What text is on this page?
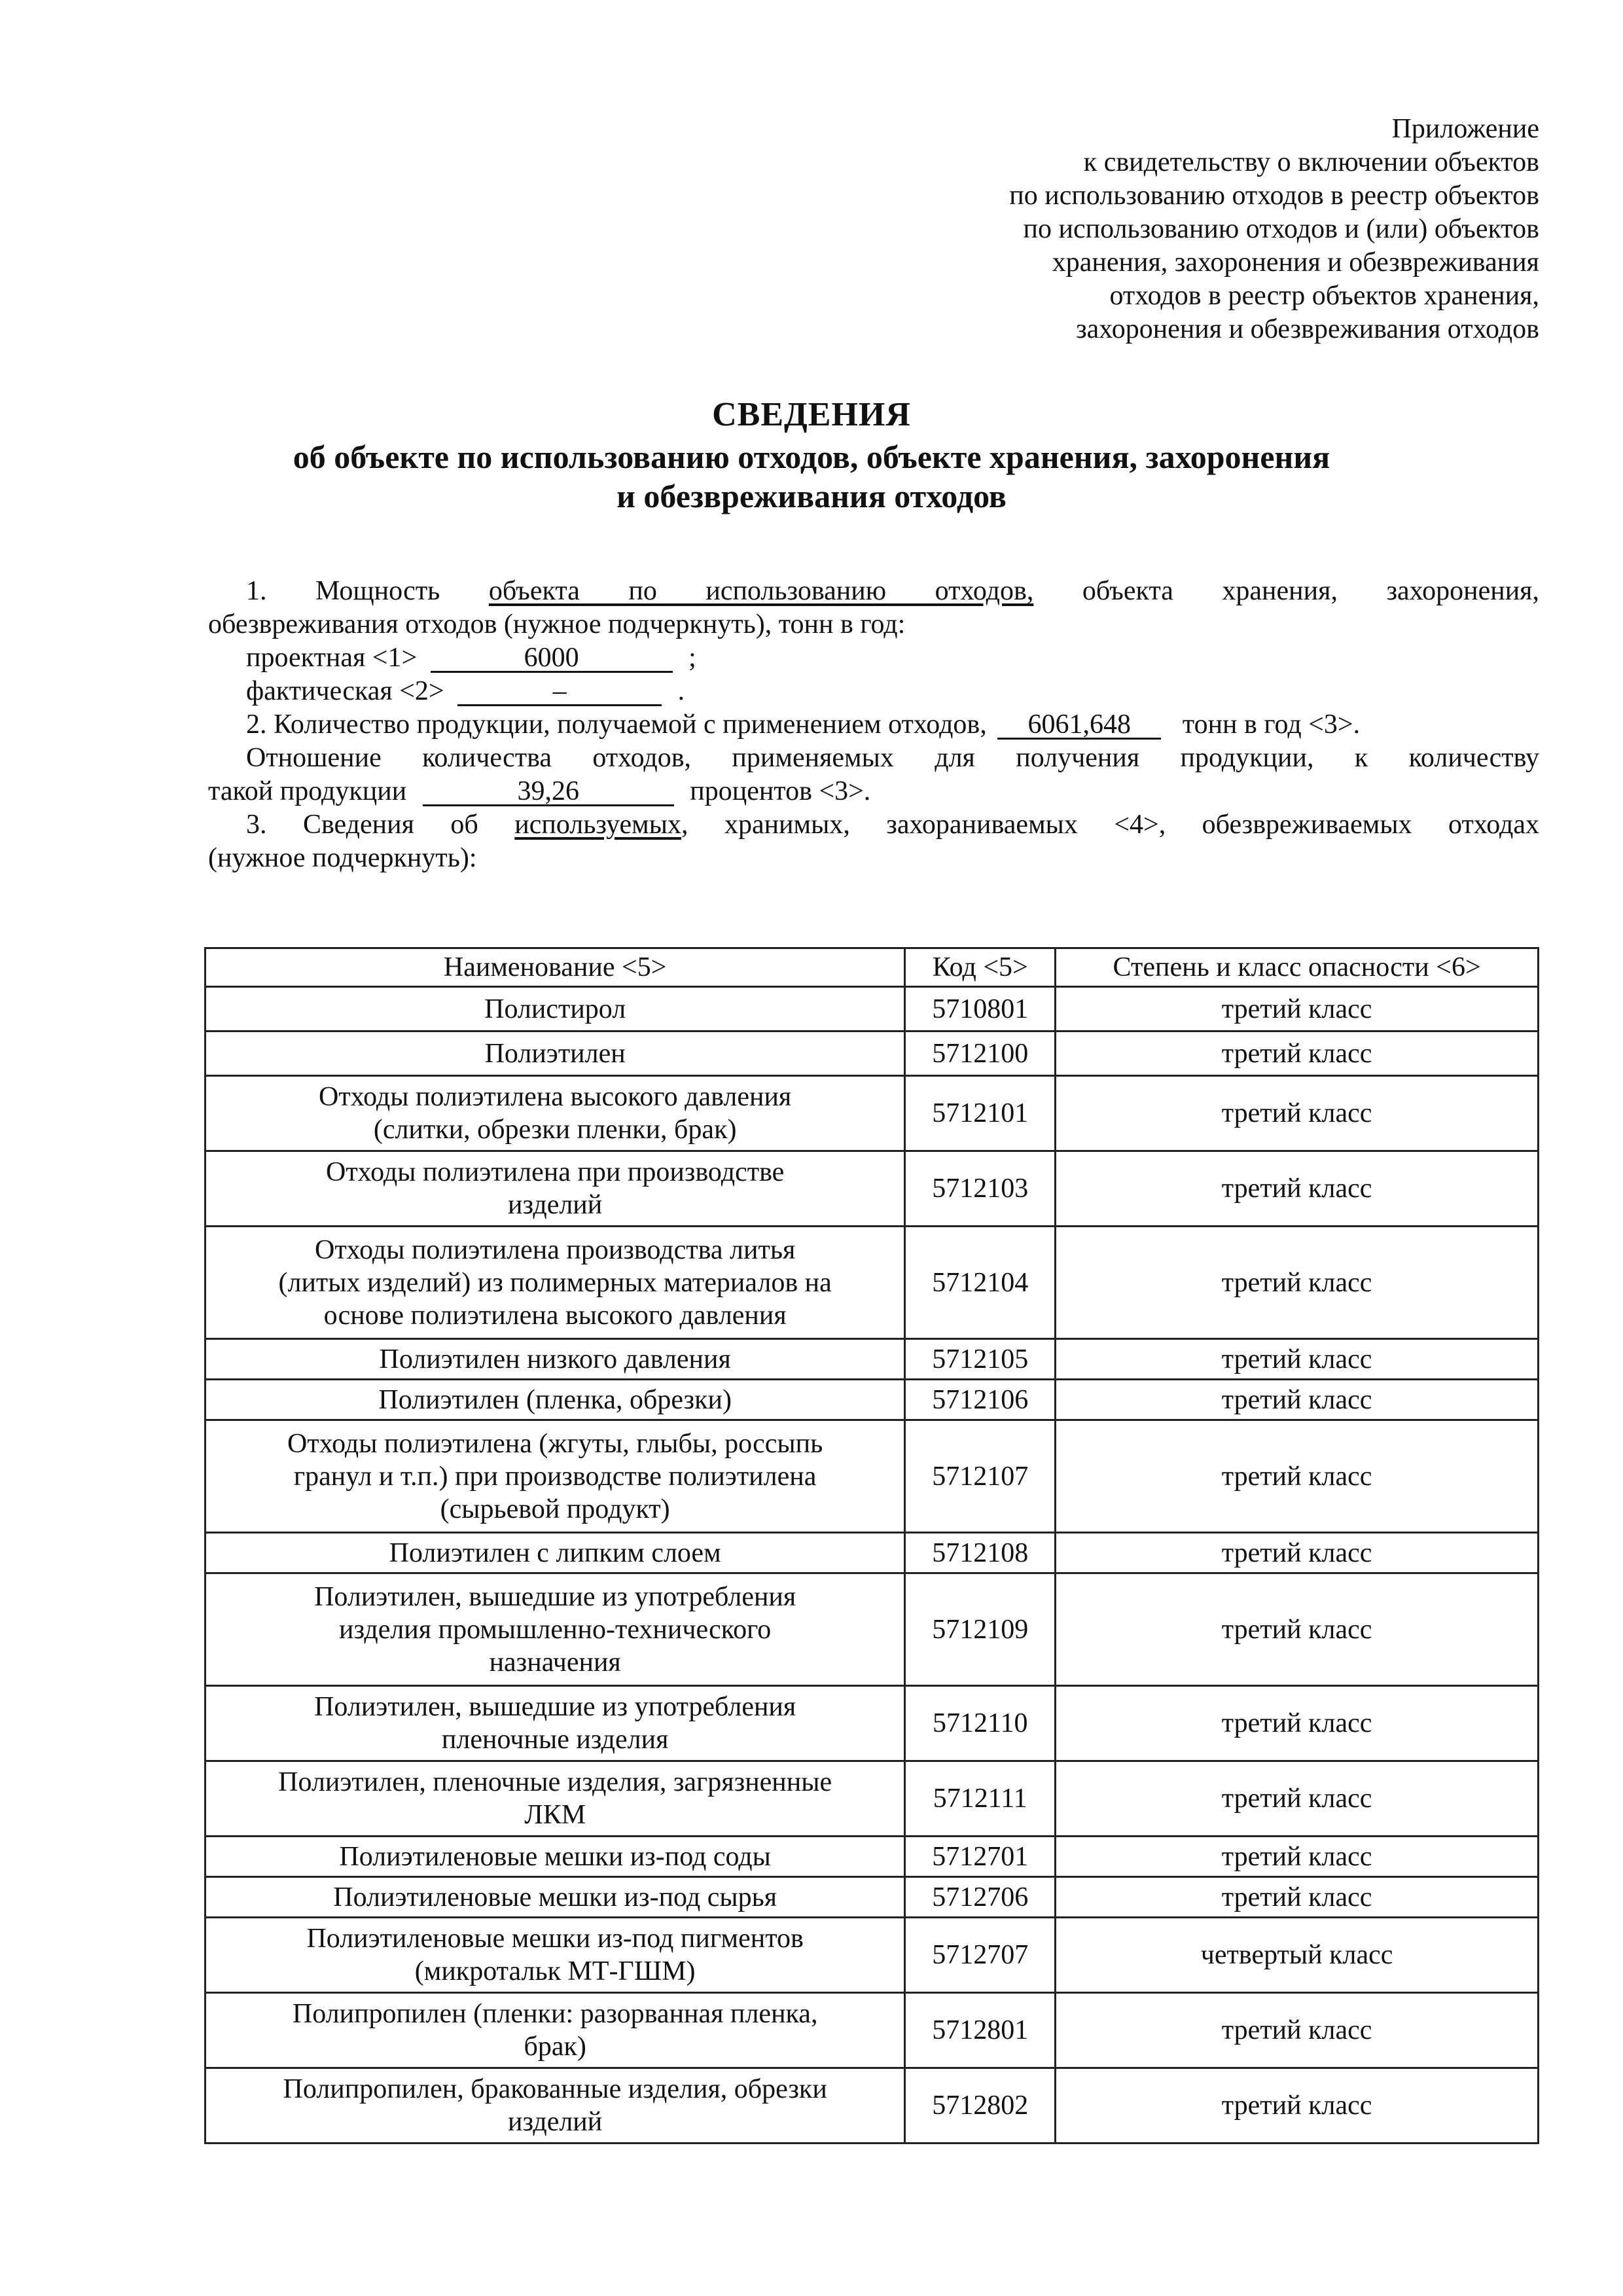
Приложение
к свидетельству о включении объектов
по использованию отходов в реестр объектов
по использованию отходов и (или) объектов
хранения, захоронения и обезвреживания
отходов в реестр объектов хранения,
захоронения и обезвреживания отходов
СВЕДЕНИЯ
об объекте по использованию отходов, объекте хранения, захоронения
и обезвреживания отходов
1. Мощность объекта по использованию отходов, объекта хранения, захоронения,
обезвреживания отходов (нужное подчеркнуть), тонн в год:
проектная <1>	6000	;
фактическая <2>	–	.
2. Количество продукции, получаемой с применением отходов, 6061,648 тонн в год <3>.
Отношение количества отходов, применяемых для получения продукции, к количеству
такой продукции	39,26	процентов <3>.
3. Сведения об используемых, хранимых, захораниваемых <4>, обезвреживаемых отходах
(нужное подчеркнуть):
Наименование <5>	Код <5>	Степень и класс опасности <6>

Полистирол	5710801	третий класс

Полиэтилен	5712100	третий класс

Отходы полиэтилена высокого давления
(слитки, обрезки пленки, брак)	5712101	третий класс

Отходы полиэтилена при производстве
изделий	5712103	третий класс

Отходы полиэтилена производства литья
(литых изделий) из полимерных материалов на
основе полиэтилена высокого давления	5712104	третий класс

Полиэтилен низкого давления	5712105	третий класс

Полиэтилен (пленка, обрезки)	5712106	третий класс

Отходы полиэтилена (жгуты, глыбы, россыпь
гранул и т.п.) при производстве полиэтилена
(сырьевой продукт)	5712107	третий класс

Полиэтилен с липким слоем	5712108	третий класс

Полиэтилен, вышедшие из употребления
изделия промышленно-технического
назначения	5712109	третий класс

Полиэтилен, вышедшие из употребления
пленочные изделия	5712110	третий класс

Полиэтилен, пленочные изделия, загрязненные
ЛКМ	5712111	третий класс

Полиэтиленовые мешки из-под соды	5712701	третий класс

Полиэтиленовые мешки из-под сырья	5712706	третий класс

Полиэтиленовые мешки из-под пигментов
(микротальк МТ-ГШМ)	5712707	четвертый класс

Полипропилен (пленки: разорванная пленка,
брак)	5712801	третий класс

Полипропилен, бракованные изделия, обрезки
изделий	5712802	третий класс
